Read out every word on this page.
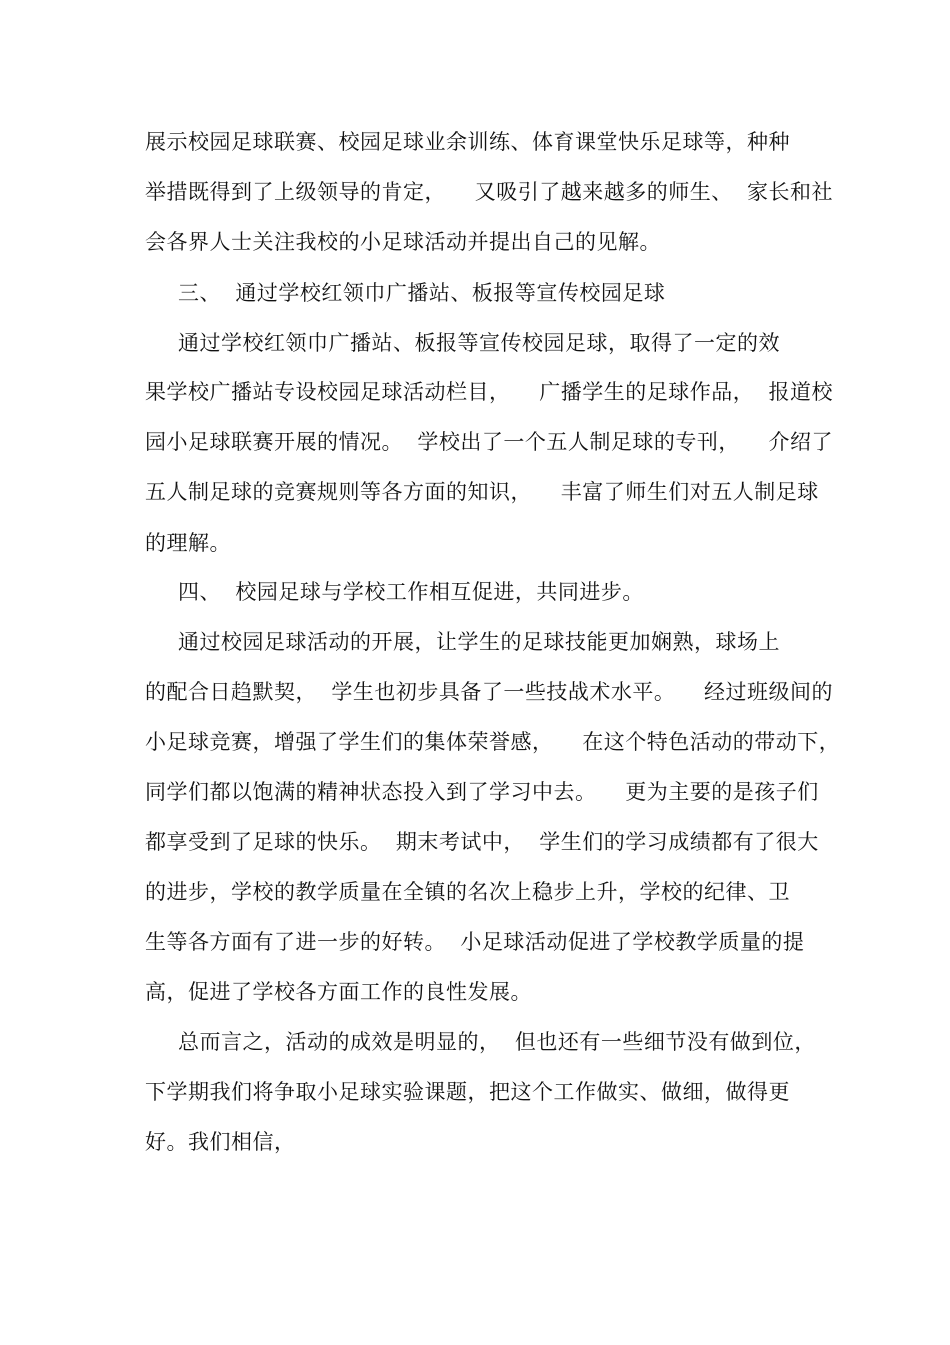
展示校园足球联赛、校园足球业余训练、体育课堂快乐足球等，种种
举措既得到了上级领导的肯定，    又吸引了越来越多的师生、  家长和社
会各界人士关注我校的小足球活动并提出自己的见解。
三、  通过学校红领巾广播站、板报等宣传校园足球
通过学校红领巾广播站、板报等宣传校园足球，取得了一定的效
果学校广播站专设校园足球活动栏目，    广播学生的足球作品，  报道校
园小足球联赛开展的情况。  学校出了一个五人制足球的专刊，    介绍了
五人制足球的竞赛规则等各方面的知识，    丰富了师生们对五人制足球
的理解。
四、  校园足球与学校工作相互促进，共同进步。
通过校园足球活动的开展，让学生的足球技能更加娴熟，球场上
的配合日趋默契，  学生也初步具备了一些技战术水平。    经过班级间的
小足球竞赛，增强了学生们的集体荣誉感，    在这个特色活动的带动下，
同学们都以饱满的精神状态投入到了学习中去。    更为主要的是孩子们
都享受到了足球的快乐。  期末考试中，  学生们的学习成绩都有了很大
的进步，学校的教学质量在全镇的名次上稳步上升，学校的纪律、卫
生等各方面有了进一步的好转。  小足球活动促进了学校教学质量的提
高，促进了学校各方面工作的良性发展。
总而言之，活动的成效是明显的，  但也还有一些细节没有做到位，
下学期我们将争取小足球实验课题，把这个工作做实、做细，做得更
好。我们相信，
